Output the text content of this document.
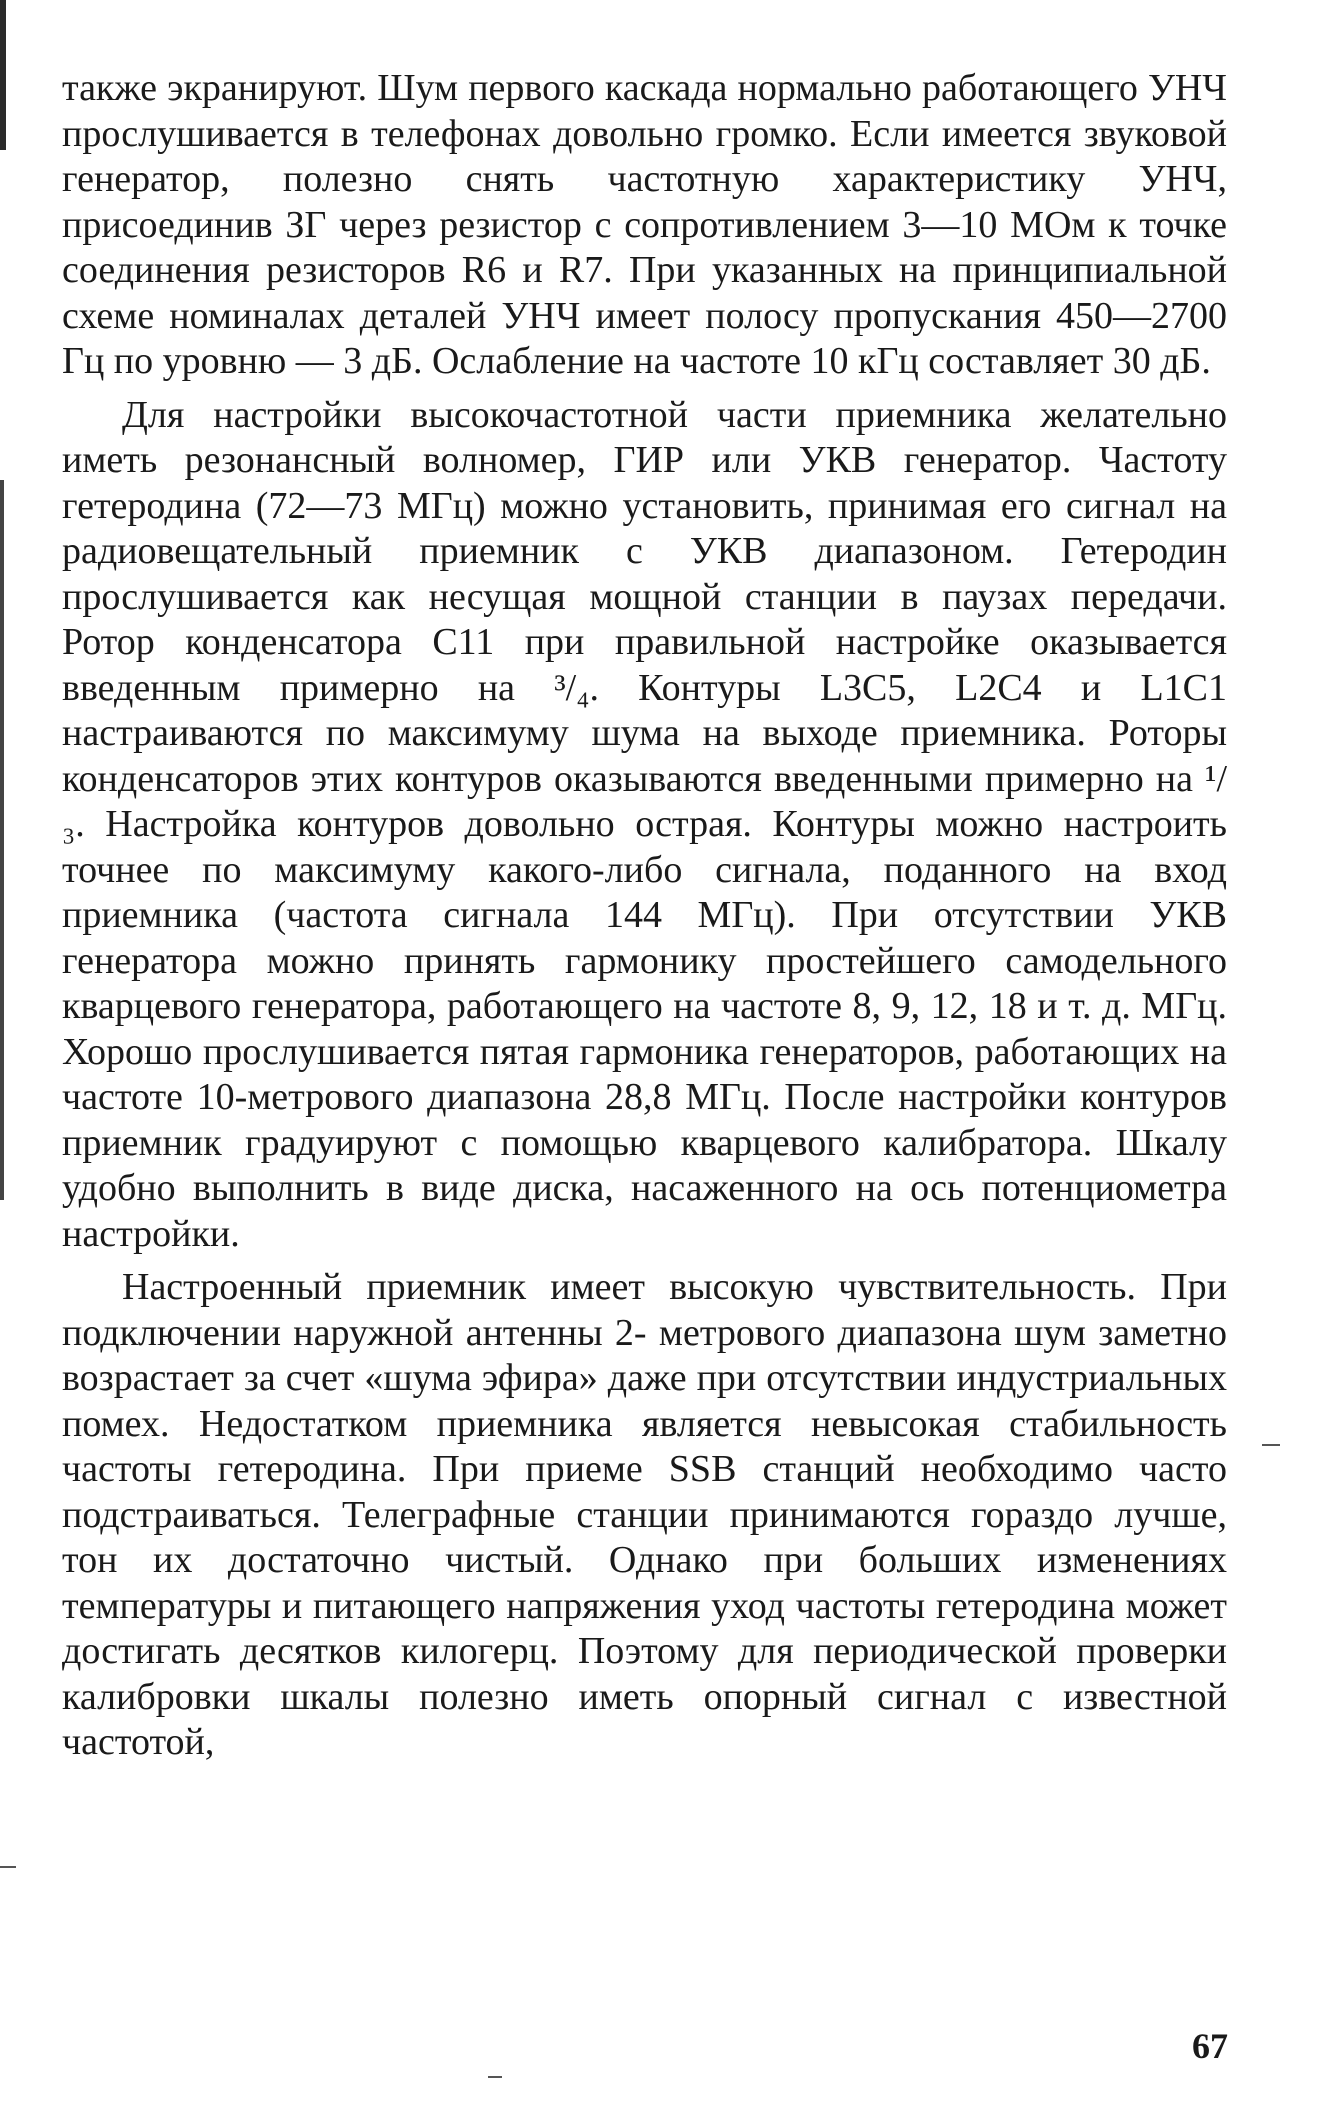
также экранируют. Шум первого каскада нормально работающего УНЧ прослушивается в телефонах довольно громко. Если имеется звуковой генератор, полезно снять частотную характеристику УНЧ, присоединив ЗГ через резистор с сопротивлением 3—10 МОм к точке соединения резисторов R6 и R7. При указанных на принципиальной схеме номиналах деталей УНЧ имеет полосу пропускания 450—2700 Гц по уровню — 3 дБ. Ослабление на частоте 10 кГц составляет 30 дБ.

Для настройки высокочастотной части приемника желательно иметь резонансный волномер, ГИР или УКВ генератор. Частоту гетеродина (72—73 МГц) можно установить, принимая его сигнал на радиовещательный приемник с УКВ диапазоном. Гетеродин прослушивается как несущая мощной станции в паузах передачи. Ротор конденсатора C11 при правильной настройке оказывается введенным примерно на ³/₄. Контуры L3C5, L2C4 и L1C1 настраиваются по максимуму шума на выходе приемника. Роторы конденсаторов этих контуров оказываются введенными примерно на ¹/₃. Настройка контуров довольно острая. Контуры можно настроить точнее по максимуму какого-либо сигнала, поданного на вход приемника (частота сигнала 144 МГц). При отсутствии УКВ генератора можно принять гармонику простейшего самодельного кварцевого генератора, работающего на частоте 8, 9, 12, 18 и т. д. МГц. Хорошо прослушивается пятая гармоника генераторов, работающих на частоте 10-метрового диапазона 28,8 МГц. После настройки контуров приемник градуируют с помощью кварцевого калибратора. Шкалу удобно выполнить в виде диска, насаженного на ось потенциометра настройки.

Настроенный приемник имеет высокую чувствительность. При подключении наружной антенны 2- метрового диапазона шум заметно возрастает за счет «шума эфира» даже при отсутствии индустриальных помех. Недостатком приемника является невысокая стабильность частоты гетеродина. При приеме SSB станций необходимо часто подстраиваться. Телеграфные станции принимаются гораздо лучше, тон их достаточно чистый. Однако при больших изменениях температуры и питающего напряжения уход частоты гетеродина может достигать десятков килогерц. Поэтому для периодической проверки калибровки шкалы полезно иметь опорный сигнал с известной частотой,

67
